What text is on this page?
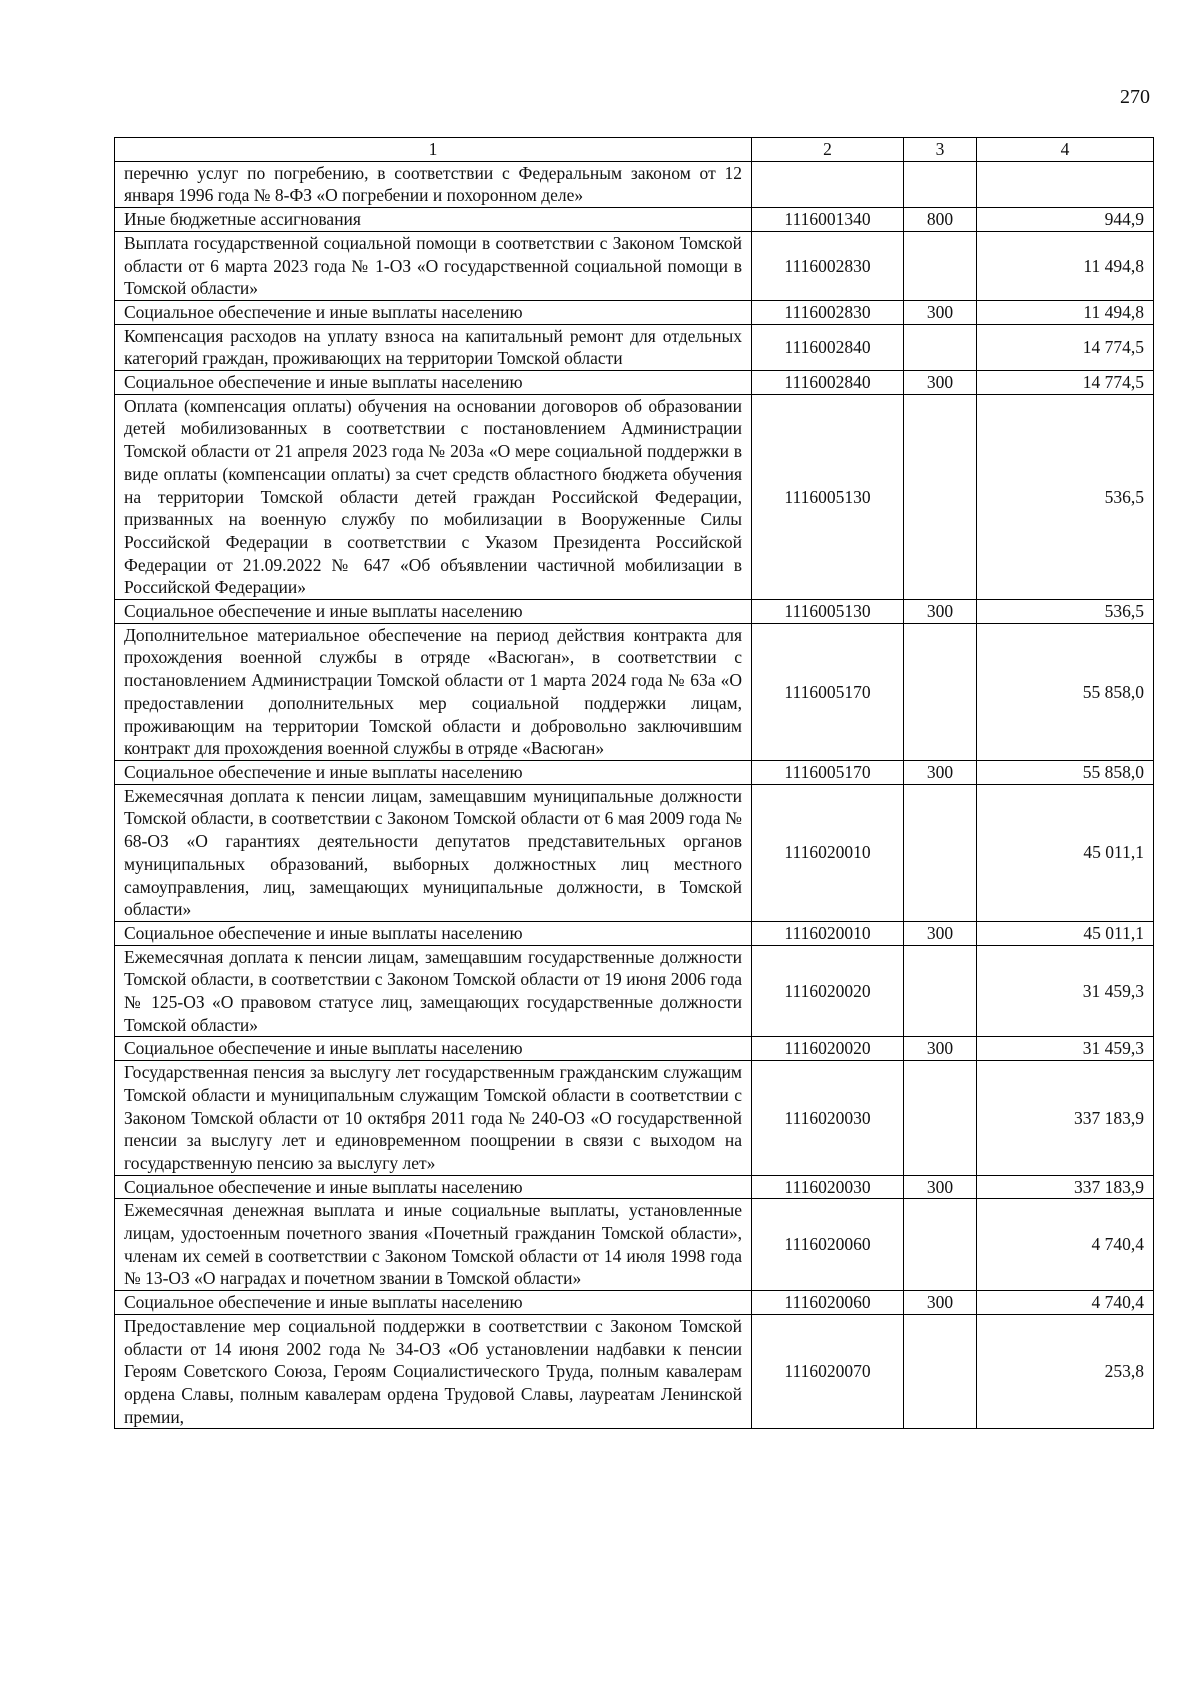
270
1	2	3	4
перечню услуг по погребению, в соответствии с Федеральным законом от 12 января 1996 года № 8-ФЗ «О погребении и похоронном деле»			
Иные бюджетные ассигнования	1116001340	800	944,9
Выплата государственной социальной помощи в соответствии с Законом Томской области от 6 марта 2023 года № 1-ОЗ «О государственной социальной помощи в Томской области»	1116002830		11 494,8
Социальное обеспечение и иные выплаты населению	1116002830	300	11 494,8
Компенсация расходов на уплату взноса на капитальный ремонт для отдельных категорий граждан, проживающих на территории Томской области	1116002840		14 774,5
Социальное обеспечение и иные выплаты населению	1116002840	300	14 774,5
Оплата (компенсация оплаты) обучения на основании договоров об образовании детей мобилизованных в соответствии с постановлением Администрации Томской области от 21 апреля 2023 года № 203а «О мере социальной поддержки в виде оплаты (компенсации оплаты) за счет средств областного бюджета обучения на территории Томской области детей граждан Российской Федерации, призванных на военную службу по мобилизации в Вооруженные Силы Российской Федерации в соответствии с Указом Президента Российской Федерации от 21.09.2022 № 647 «Об объявлении частичной мобилизации в Российской Федерации»	1116005130		536,5
Социальное обеспечение и иные выплаты населению	1116005130	300	536,5
Дополнительное материальное обеспечение на период действия контракта для прохождения военной службы в отряде «Васюган», в соответствии с постановлением Администрации Томской области от 1 марта 2024 года № 63а «О предоставлении дополнительных мер социальной поддержки лицам, проживающим на территории Томской области и добровольно заключившим контракт для прохождения военной службы в отряде «Васюган»	1116005170		55 858,0
Социальное обеспечение и иные выплаты населению	1116005170	300	55 858,0
Ежемесячная доплата к пенсии лицам, замещавшим муниципальные должности Томской области, в соответствии с Законом Томской области от 6 мая 2009 года № 68-ОЗ «О гарантиях деятельности депутатов представительных органов муниципальных образований, выборных должностных лиц местного самоуправления, лиц, замещающих муниципальные должности, в Томской области»	1116020010		45 011,1
Социальное обеспечение и иные выплаты населению	1116020010	300	45 011,1
Ежемесячная доплата к пенсии лицам, замещавшим государственные должности Томской области, в соответствии с Законом Томской области от 19 июня 2006 года № 125-ОЗ «О правовом статусе лиц, замещающих государственные должности Томской области»	1116020020		31 459,3
Социальное обеспечение и иные выплаты населению	1116020020	300	31 459,3
Государственная пенсия за выслугу лет государственным гражданским служащим Томской области и муниципальным служащим Томской области в соответствии с Законом Томской области от 10 октября 2011 года № 240-ОЗ «О государственной пенсии за выслугу лет и единовременном поощрении в связи с выходом на государственную пенсию за выслугу лет»	1116020030		337 183,9
Социальное обеспечение и иные выплаты населению	1116020030	300	337 183,9
Ежемесячная денежная выплата и иные социальные выплаты, установленные лицам, удостоенным почетного звания «Почетный гражданин Томской области», членам их семей в соответствии с Законом Томской области от 14 июля 1998 года № 13-ОЗ «О наградах и почетном звании в Томской области»	1116020060		4 740,4
Социальное обеспечение и иные выплаты населению	1116020060	300	4 740,4
Предоставление мер социальной поддержки в соответствии с Законом Томской области от 14 июня 2002 года № 34-ОЗ «Об установлении надбавки к пенсии Героям Советского Союза, Героям Социалистического Труда, полным кавалерам ордена Славы, полным кавалерам ордена Трудовой Славы, лауреатам Ленинской премии,	1116020070		253,8
